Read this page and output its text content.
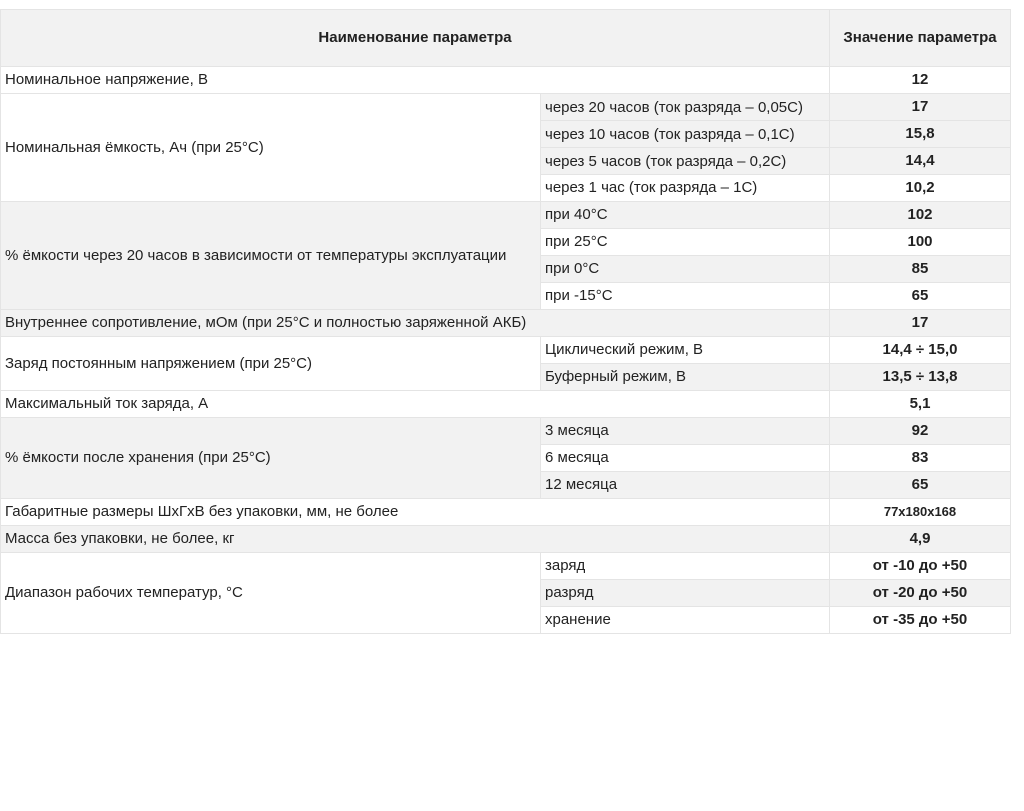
Наименование параметра		Значение параметра
Номинальное напряжение, В		12
Номинальная ёмкость, Ач (при 25°С)	через 20 часов (ток разряда – 0,05С)	17
	через 10 часов (ток разряда – 0,1С)	15,8
	через 5 часов (ток разряда – 0,2С)	14,4
	через 1 час (ток разряда – 1С)	10,2
% ёмкости через 20 часов в зависимости от температуры эксплуатации	при 40°С	102
	при 25°С	100
	при 0°С	85
	при -15°С	65
Внутреннее сопротивление, мОм (при 25°С и полностью заряженной АКБ)		17
Заряд постоянным напряжением (при 25°С)	Циклический режим, В	14,4 ÷ 15,0
	Буферный режим, В	13,5 ÷ 13,8
Максимальный ток заряда, А		5,1
% ёмкости после хранения (при 25°С)	3 месяца	92
	6 месяца	83
	12 месяца	65
Габаритные размеры ШхГхВ без упаковки, мм, не более		77x180x168
Масса без упаковки, не более, кг		4,9
Диапазон рабочих температур, °С	заряд	от -10 до +50
	разряд	от -20 до +50
	хранение	от -35 до +50
